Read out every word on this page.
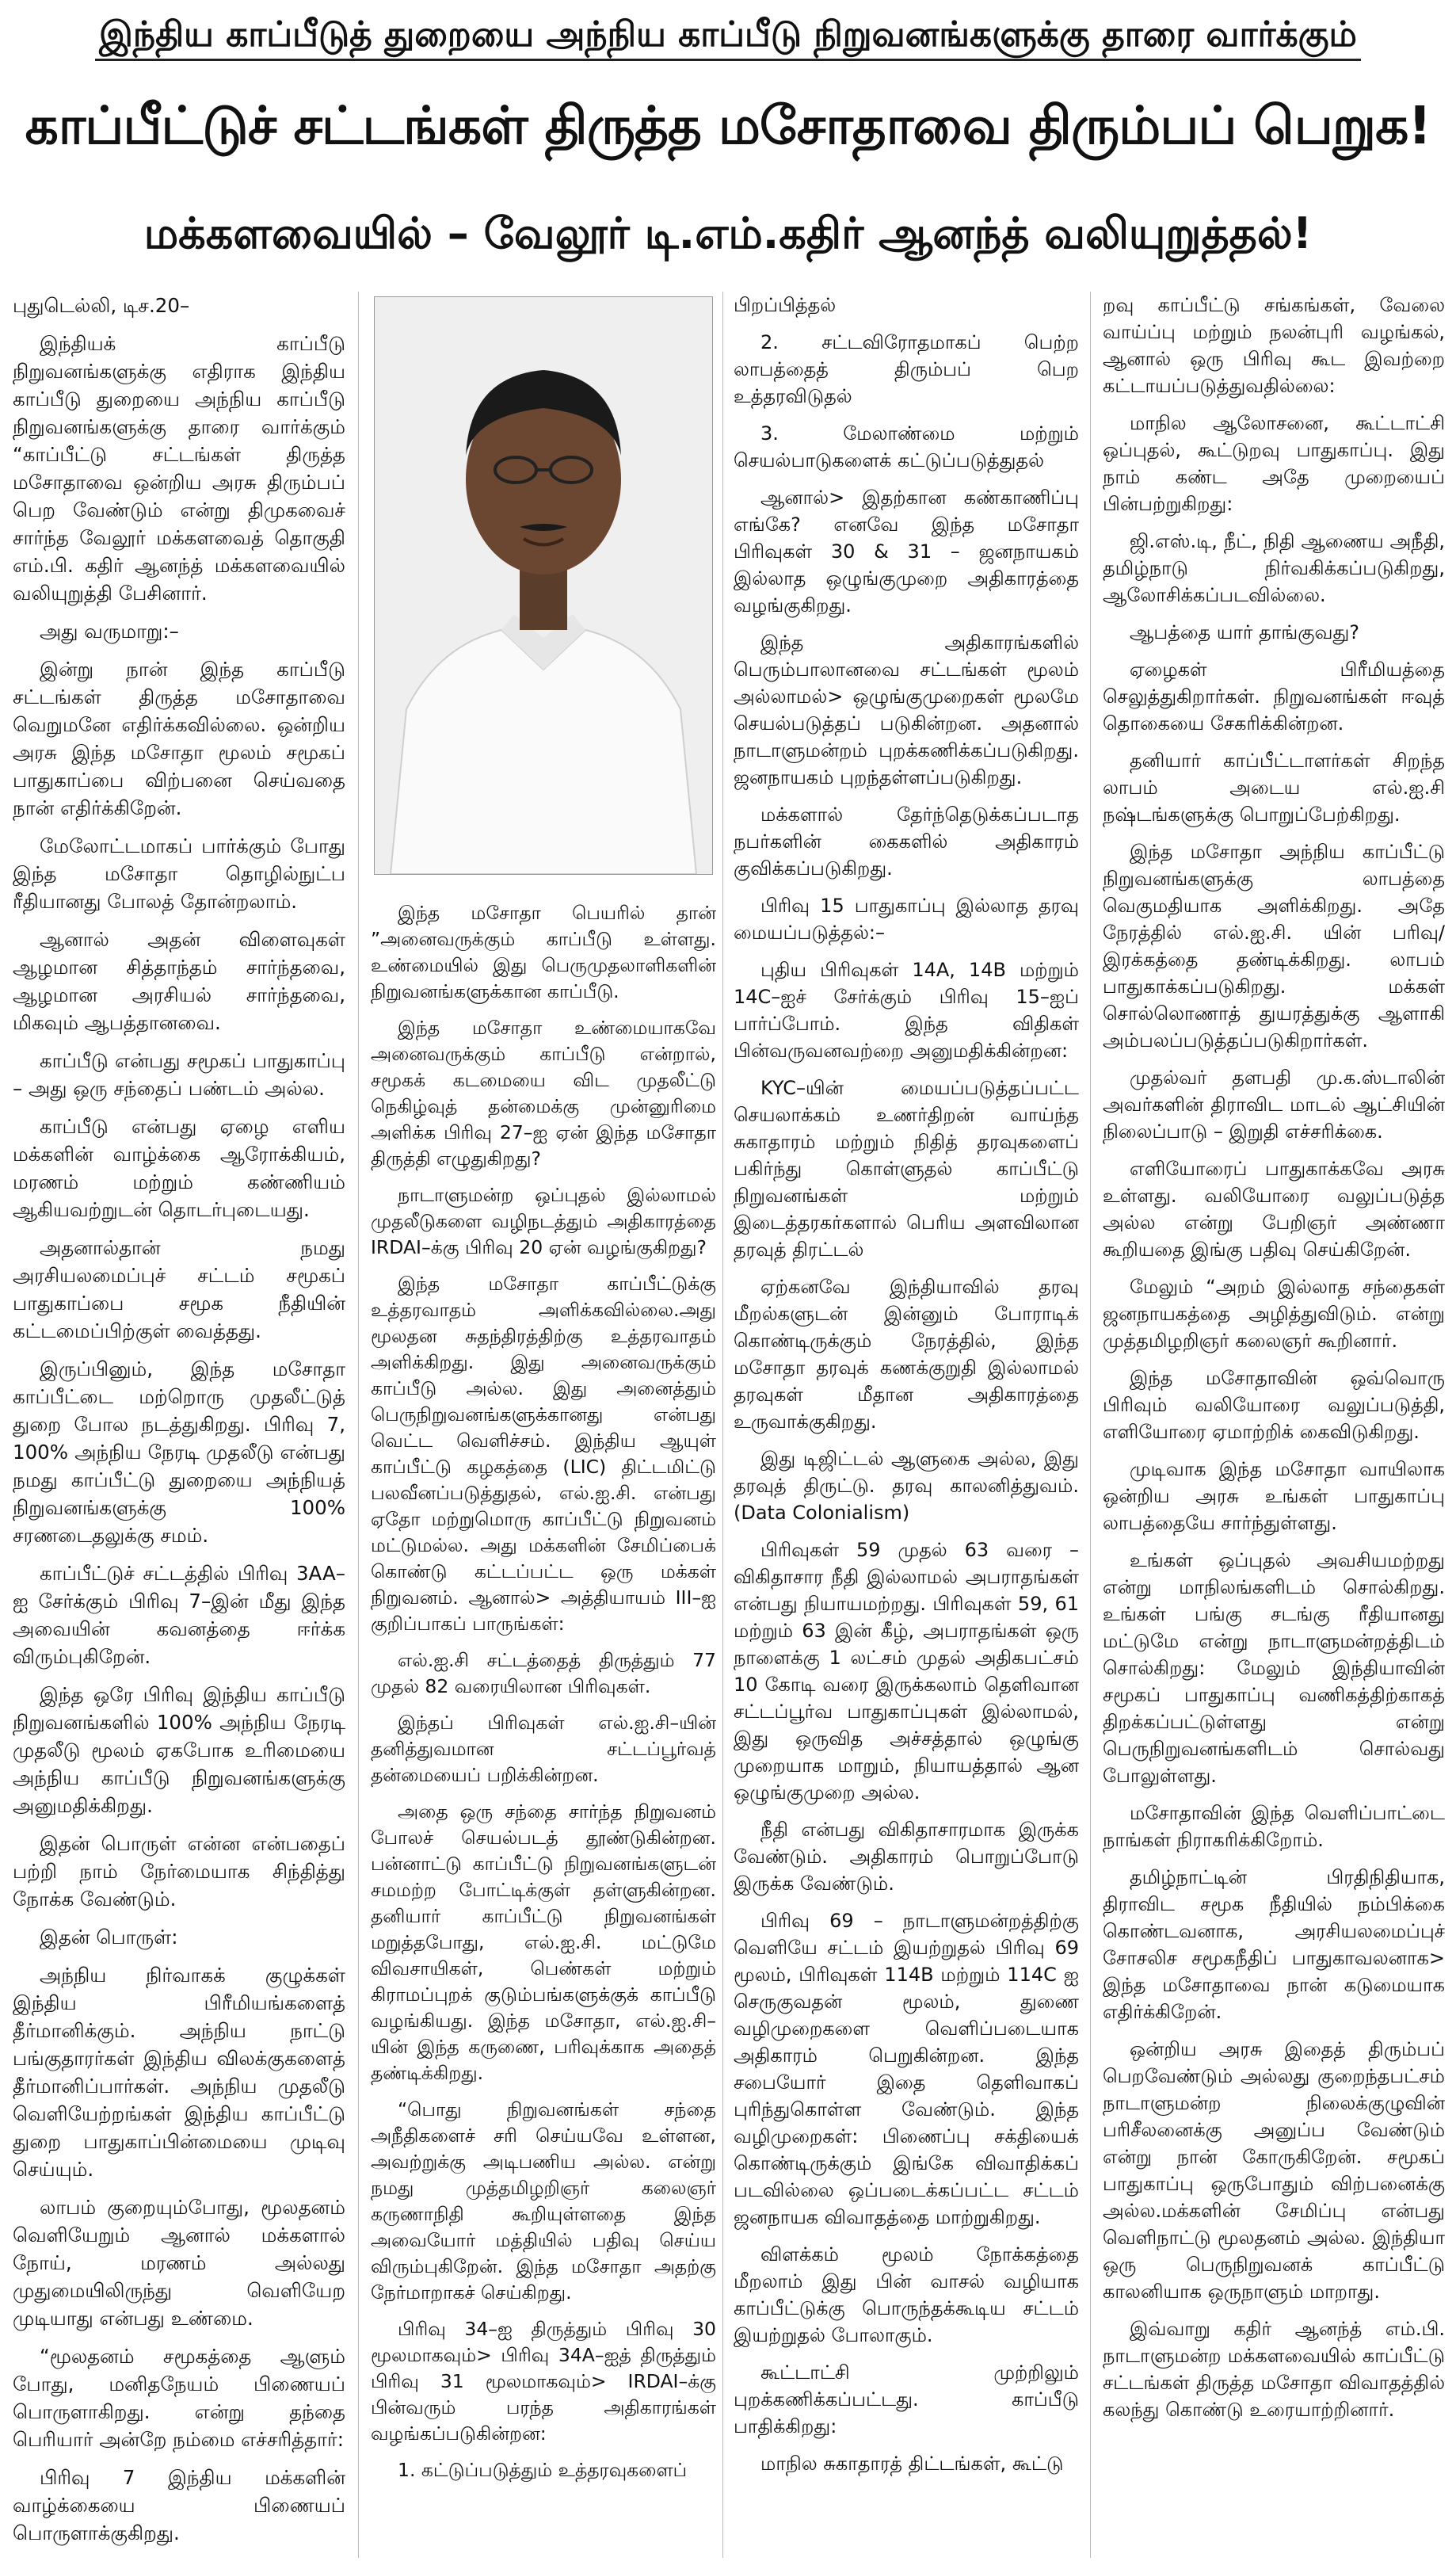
இந்திய காப்பீடுத் துறையை அந்நிய காப்பீடு நிறுவனங்களுக்கு தாரை வார்க்கும்
காப்பீட்டுச் சட்டங்கள் திருத்த மசோதாவை திரும்பப் பெறுக!
மக்களவையில் – வேலூர் டி.எம்.கதிர் ஆனந்த் வலியுறுத்தல்!

புதுடெல்லி, டிச.20–

இந்தியக் காப்பீடு நிறுவனங்களுக்கு எதிராக இந்திய காப்பீடு துறையை அந்நிய காப்பீடு நிறுவனங்களுக்கு தாரை வார்க்கும் “காப்பீட்டு சட்டங்கள் திருத்த மசோதாவை ஒன்றிய அரசு திரும்பப் பெற வேண்டும் என்று திமுகவைச் சார்ந்த வேலூர் மக்களவைத் தொகுதி எம்.பி. கதிர் ஆனந்த் மக்களவையில் வலியுறுத்தி பேசினார்.

அது வருமாறு:–

இன்று நான் இந்த காப்பீடு சட்டங்கள் திருத்த மசோதாவை வெறுமனே எதிர்க்கவில்லை. ஒன்றிய அரசு இந்த மசோதா மூலம் சமூகப் பாதுகாப்பை விற்பனை செய்வதை நான் எதிர்க்கிறேன்.

மேலோட்டமாகப் பார்க்கும் போது இந்த மசோதா தொழில்நுட்ப ரீதியானது போலத் தோன்றலாம்.

ஆனால் அதன் விளைவுகள் ஆழமான சித்தாந்தம் சார்ந்தவை, ஆழமான அரசியல் சார்ந்தவை, மிகவும் ஆபத்தானவை.

காப்பீடு என்பது சமூகப் பாதுகாப்பு – அது ஒரு சந்தைப் பண்டம் அல்ல.

காப்பீடு என்பது ஏழை எளிய மக்களின் வாழ்க்கை ஆரோக்கியம், மரணம் மற்றும் கண்ணியம் ஆகியவற்றுடன் தொடர்புடையது.

அதனால்தான் நமது அரசியலமைப்புச் சட்டம் சமூகப் பாதுகாப்பை சமூக நீதியின் கட்டமைப்பிற்குள் வைத்தது.

இருப்பினும், இந்த மசோதா காப்பீட்டை மற்றொரு முதலீட்டுத் துறை போல நடத்துகிறது. பிரிவு 7, 100% அந்நிய நேரடி முதலீடு என்பது நமது காப்பீட்டு துறையை அந்நியத் நிறுவனங்களுக்கு 100% சரணடைதலுக்கு சமம்.

காப்பீட்டுச் சட்டத்தில் பிரிவு 3AA–ஐ சேர்க்கும் பிரிவு 7–இன் மீது இந்த அவையின் கவனத்தை ஈர்க்க விரும்புகிறேன்.

இந்த ஒரே பிரிவு இந்திய காப்பீடு நிறுவனங்களில் 100% அந்நிய நேரடி முதலீடு மூலம் ஏகபோக உரிமையை அந்நிய காப்பீடு நிறுவனங்களுக்கு அனுமதிக்கிறது.

இதன் பொருள் என்ன என்பதைப் பற்றி நாம் நேர்மையாக சிந்தித்து நோக்க வேண்டும்.

இதன் பொருள்:

அந்நிய நிர்வாகக் குழுக்கள் இந்திய பிரீமியங்களைத் தீர்மானிக்கும். அந்நிய நாட்டு பங்குதாரர்கள் இந்திய விலக்குகளைத் தீர்மானிப்பார்கள். அந்நிய முதலீடு வெளியேற்றங்கள் இந்திய காப்பீட்டு துறை பாதுகாப்பின்மையை முடிவு செய்யும்.

லாபம் குறையும்போது, மூலதனம் வெளியேறும் ஆனால் மக்களால் நோய், மரணம் அல்லது முதுமையிலிருந்து வெளியேற முடியாது என்பது உண்மை.

“மூலதனம் சமூகத்தை ஆளும் போது, மனிதநேயம் பிணையப் பொருளாகிறது. என்று தந்தை பெரியார் அன்றே நம்மை எச்சரித்தார்:

பிரிவு 7 இந்திய மக்களின் வாழ்க்கையை பிணையப் பொருளாக்குகிறது.

இந்த மசோதா பெயரில் தான் ”அனைவருக்கும் காப்பீடு உள்ளது. உண்மையில் இது பெருமுதலாளிகளின் நிறுவனங்களுக்கான காப்பீடு.

இந்த மசோதா உண்மையாகவே அனைவருக்கும் காப்பீடு என்றால், சமூகக் கடமையை விட முதலீட்டு நெகிழ்வுத் தன்மைக்கு முன்னுரிமை அளிக்க பிரிவு 27–ஐ ஏன் இந்த மசோதா திருத்தி எழுதுகிறது?

நாடாளுமன்ற ஒப்புதல் இல்லாமல் முதலீடுகளை வழிநடத்தும் அதிகாரத்தை IRDAI–க்கு பிரிவு 20 ஏன் வழங்குகிறது?

இந்த மசோதா காப்பீட்டுக்கு உத்தரவாதம் அளிக்கவில்லை.அது மூலதன சுதந்திரத்திற்கு உத்தரவாதம் அளிக்கிறது. இது அனைவருக்கும் காப்பீடு அல்ல. இது அனைத்தும் பெருநிறுவனங்களுக்கானது என்பது வெட்ட வெளிச்சம். இந்திய ஆயுள் காப்பீட்டு கழகத்தை (LIC) திட்டமிட்டு பலவீனப்படுத்துதல், எல்.ஐ.சி. என்பது ஏதோ மற்றுமொரு காப்பீட்டு நிறுவனம் மட்டுமல்ல. அது மக்களின் சேமிப்பைக் கொண்டு கட்டப்பட்ட ஒரு மக்கள் நிறுவனம். ஆனால்> அத்தியாயம் III–ஐ குறிப்பாகப் பாருங்கள்:

எல்.ஐ.சி சட்டத்தைத் திருத்தும் 77 முதல் 82 வரையிலான பிரிவுகள்.

இந்தப் பிரிவுகள் எல்.ஐ.சி–யின் தனித்துவமான சட்டப்பூர்வத் தன்மையைப் பறிக்கின்றன.

அதை ஒரு சந்தை சார்ந்த நிறுவனம் போலச் செயல்படத் தூண்டுகின்றன. பன்னாட்டு காப்பீட்டு நிறுவனங்களுடன் சமமற்ற போட்டிக்குள் தள்ளுகின்றன. தனியார் காப்பீட்டு நிறுவனங்கள் மறுத்தபோது, எல்.ஐ.சி. மட்டுமே விவசாயிகள், பெண்கள் மற்றும் கிராமப்புறக் குடும்பங்களுக்குக் காப்பீடு வழங்கியது. இந்த மசோதா, எல்.ஐ.சி–யின் இந்த கருணை, பரிவுக்காக அதைத் தண்டிக்கிறது.

“பொது நிறுவனங்கள் சந்தை அநீதிகளைச் சரி செய்யவே உள்ளன, அவற்றுக்கு அடிபணிய அல்ல. என்று நமது முத்தமிழறிஞர் கலைஞர் கருணாநிதி கூறியுள்ளதை இந்த அவையோர் மத்தியில் பதிவு செய்ய விரும்புகிறேன். இந்த மசோதா அதற்கு நேர்மாறாகச் செய்கிறது.

பிரிவு 34–ஐ திருத்தும் பிரிவு 30 மூலமாகவும்> பிரிவு 34A–ஐத் திருத்தும் பிரிவு 31 மூலமாகவும்> IRDAI–க்கு பின்வரும் பரந்த அதிகாரங்கள் வழங்கப்படுகின்றன:

1. கட்டுப்படுத்தும் உத்தரவுகளைப்

பிறப்பித்தல்

2. சட்டவிரோதமாகப் பெற்ற லாபத்தைத் திரும்பப் பெற உத்தரவிடுதல்

3. மேலாண்மை மற்றும் செயல்பாடுகளைக் கட்டுப்படுத்துதல்

ஆனால்> இதற்கான கண்காணிப்பு எங்கே? எனவே இந்த மசோதா பிரிவுகள் 30 & 31 – ஜனநாயகம் இல்லாத ஒழுங்குமுறை அதிகாரத்தை வழங்குகிறது.

இந்த அதிகாரங்களில் பெரும்பாலானவை சட்டங்கள் மூலம் அல்லாமல்> ஒழுங்குமுறைகள் மூலமே செயல்படுத்தப் படுகின்றன. அதனால் நாடாளுமன்றம் புறக்கணிக்கப்படுகிறது. ஜனநாயகம் புறந்தள்ளப்படுகிறது.

மக்களால் தேர்ந்தெடுக்கப்படாத நபர்களின் கைகளில் அதிகாரம் குவிக்கப்படுகிறது.

பிரிவு 15 பாதுகாப்பு இல்லாத தரவு மையப்படுத்தல்:–

புதிய பிரிவுகள் 14A, 14B மற்றும் 14C–ஐச் சேர்க்கும் பிரிவு 15–ஐப் பார்ப்போம். இந்த விதிகள் பின்வருவனவற்றை அனுமதிக்கின்றன:

KYC–யின் மையப்படுத்தப்பட்ட செயலாக்கம் உணர்திறன் வாய்ந்த சுகாதாரம் மற்றும் நிதித் தரவுகளைப் பகிர்ந்து கொள்ளுதல் காப்பீட்டு நிறுவனங்கள் மற்றும் இடைத்தரகர்களால் பெரிய அளவிலான தரவுத் திரட்டல்

ஏற்கனவே இந்தியாவில் தரவு மீறல்களுடன் இன்னும் போராடிக் கொண்டிருக்கும் நேரத்தில், இந்த மசோதா தரவுக் கணக்குறுதி இல்லாமல் தரவுகள் மீதான அதிகாரத்தை உருவாக்குகிறது.

இது டிஜிட்டல் ஆளுகை அல்ல, இது தரவுத் திருட்டு. தரவு காலனித்துவம். (Data Colonialism)

பிரிவுகள் 59 முதல் 63 வரை – விகிதாசார நீதி இல்லாமல் அபராதங்கள் என்பது நியாயமற்றது. பிரிவுகள் 59, 61 மற்றும் 63 இன் கீழ், அபராதங்கள் ஒரு நாளைக்கு 1 லட்சம் முதல் அதிகபட்சம் 10 கோடி வரை இருக்கலாம் தெளிவான சட்டப்பூர்வ பாதுகாப்புகள் இல்லாமல், இது ஒருவித அச்சத்தால் ஒழுங்கு முறையாக மாறும், நியாயத்தால் ஆன ஒழுங்குமுறை அல்ல.

நீதி என்பது விகிதாசாரமாக இருக்க வேண்டும். அதிகாரம் பொறுப்போடு இருக்க வேண்டும்.

பிரிவு 69 – நாடாளுமன்றத்திற்கு வெளியே சட்டம் இயற்றுதல் பிரிவு 69 மூலம், பிரிவுகள் 114B மற்றும் 114C ஐ செருகுவதன் மூலம், துணை வழிமுறைகளை வெளிப்படையாக அதிகாரம் பெறுகின்றன. இந்த சபையோர் இதை தெளிவாகப் புரிந்துகொள்ள வேண்டும். இந்த வழிமுறைகள்: பிணைப்பு சக்தியைக் கொண்டிருக்கும் இங்கே விவாதிக்கப் படவில்லை ஒப்படைக்கப்பட்ட சட்டம் ஜனநாயக விவாதத்தை மாற்றுகிறது.

விளக்கம் மூலம் நோக்கத்தை மீறலாம் இது பின் வாசல் வழியாக காப்பீட்டுக்கு பொருந்தக்கூடிய சட்டம் இயற்றுதல் போலாகும்.

கூட்டாட்சி முற்றிலும் புறக்கணிக்கப்பட்டது. காப்பீடு பாதிக்கிறது:

மாநில சுகாதாரத் திட்டங்கள், கூட்டு

றவு காப்பீட்டு சங்கங்கள், வேலை வாய்ப்பு மற்றும் நலன்புரி வழங்கல், ஆனால் ஒரு பிரிவு கூட இவற்றை கட்டாயப்படுத்துவதில்லை:

மாநில ஆலோசனை, கூட்டாட்சி ஒப்புதல், கூட்டுறவு பாதுகாப்பு. இது நாம் கண்ட அதே முறையைப் பின்பற்றுகிறது:

ஜி.எஸ்.டி, நீட், நிதி ஆணைய அநீதி, தமிழ்நாடு நிர்வகிக்கப்படுகிறது, ஆலோசிக்கப்படவில்லை.

ஆபத்தை யார் தாங்குவது?

ஏழைகள் பிரீமியத்தை செலுத்துகிறார்கள். நிறுவனங்கள் ஈவுத் தொகையை சேகரிக்கின்றன.

தனியார் காப்பீட்டாளர்கள் சிறந்த லாபம் அடைய எல்.ஐ.சி நஷ்டங்களுக்கு பொறுப்பேற்கிறது.

இந்த மசோதா அந்நிய காப்பீட்டு நிறுவனங்களுக்கு லாபத்தை வெகுமதியாக அளிக்கிறது. அதே நேரத்தில் எல்.ஐ.சி. யின் பரிவு/ இரக்கத்தை தண்டிக்கிறது. லாபம் பாதுகாக்கப்படுகிறது. மக்கள் சொல்லொணாத் துயரத்துக்கு ஆளாகி அம்பலப்படுத்தப்படுகிறார்கள்.

முதல்வர் தளபதி மு.க.ஸ்டாலின் அவர்களின் திராவிட மாடல் ஆட்சியின் நிலைப்பாடு – இறுதி எச்சரிக்கை.

எளியோரைப் பாதுகாக்கவே அரசு உள்ளது. வலியோரை வலுப்படுத்த அல்ல என்று பேறிஞர் அண்ணா கூறியதை இங்கு பதிவு செய்கிறேன்.

மேலும் “அறம் இல்லாத சந்தைகள் ஜனநாயகத்தை அழித்துவிடும். என்று முத்தமிழறிஞர் கலைஞர் கூறினார்.

இந்த மசோதாவின் ஒவ்வொரு பிரிவும் வலியோரை வலுப்படுத்தி, எளியோரை ஏமாற்றிக் கைவிடுகிறது.

முடிவாக இந்த மசோதா வாயிலாக ஒன்றிய அரசு உங்கள் பாதுகாப்பு லாபத்தையே சார்ந்துள்ளது.

உங்கள் ஒப்புதல் அவசியமற்றது என்று மாநிலங்களிடம் சொல்கிறது. உங்கள் பங்கு சடங்கு ரீதியானது மட்டுமே என்று நாடாளுமன்றத்திடம் சொல்கிறது: மேலும் இந்தியாவின் சமூகப் பாதுகாப்பு வணிகத்திற்காகத் திறக்கப்பட்டுள்ளது என்று பெருநிறுவனங்களிடம் சொல்வது போலுள்ளது.

மசோதாவின் இந்த வெளிப்பாட்டை நாங்கள் நிராகரிக்கிறோம்.

தமிழ்நாட்டின் பிரதிநிதியாக, திராவிட சமூக நீதியில் நம்பிக்கை கொண்டவனாக, அரசியலமைப்புச் சோசலிச சமூகநீதிப் பாதுகாவலனாக> இந்த மசோதாவை நான் கடுமையாக எதிர்க்கிறேன்.

ஒன்றிய அரசு இதைத் திரும்பப் பெறவேண்டும் அல்லது குறைந்தபட்சம் நாடாளுமன்ற நிலைக்குழுவின் பரிசீலனைக்கு அனுப்ப வேண்டும் என்று நான் கோருகிறேன். சமூகப் பாதுகாப்பு ஒருபோதும் விற்பனைக்கு அல்ல.மக்களின் சேமிப்பு என்பது வெளிநாட்டு மூலதனம் அல்ல. இந்தியா ஒரு பெருநிறுவனக் காப்பீட்டு காலனியாக ஒருநாளும் மாறாது.

இவ்வாறு கதிர் ஆனந்த் எம்.பி. நாடாளுமன்ற மக்களவையில் காப்பீட்டு சட்டங்கள் திருத்த மசோதா விவாதத்தில் கலந்து கொண்டு உரையாற்றினார்.
